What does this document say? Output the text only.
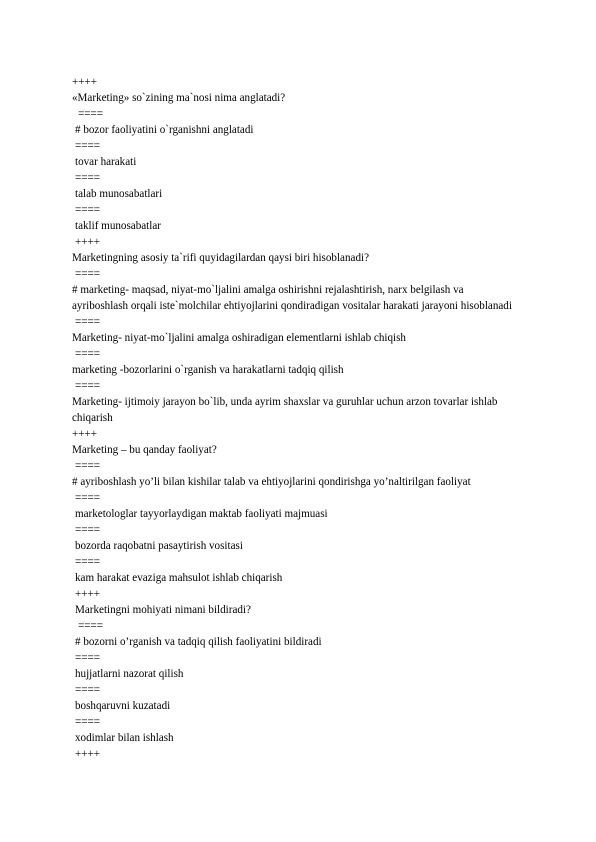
++++
«Marketing» so`zining ma`nosi nima anglatadi?
====
# bozor faoliyatini o`rganishni anglatadi
====
tovar harakati
====
talab munosabatlari
====
taklif munosabatlar
++++
Marketingning asosiy ta`rifi quyidagilardan qaysi biri hisoblanadi?
====
# marketing- maqsad, niyat-mo`ljalini amalga oshirishni rejalashtirish, narx belgilash va ayriboshlash orqali iste`molchilar ehtiyojlarini qondiradigan vositalar harakati jarayoni hisoblanadi
====
Marketing- niyat-mo`ljalini amalga oshiradigan elementlarni ishlab chiqish
====
marketing -bozorlarini o`rganish va harakatlarni tadqiq qilish
====
Marketing- ijtimoiy jarayon bo`lib, unda ayrim shaxslar va guruhlar uchun arzon tovarlar ishlab chiqarish
++++
Marketing – bu qanday faoliyat?
====
# ayriboshlash yo’li bilan kishilar talab va ehtiyojlarini qondirishga yo’naltirilgan faoliyat
====
marketologlar tayyorlaydigan maktab faoliyati majmuasi
====
bozorda raqobatni pasaytirish vositasi
====
kam harakat evaziga mahsulot ishlab chiqarish
++++
Marketingni mohiyati nimani bildiradi?
====
# bozorni o’rganish va tadqiq qilish faoliyatini bildiradi
====
hujjatlarni nazorat qilish
====
boshqaruvni kuzatadi
====
xodimlar bilan ishlash
++++
